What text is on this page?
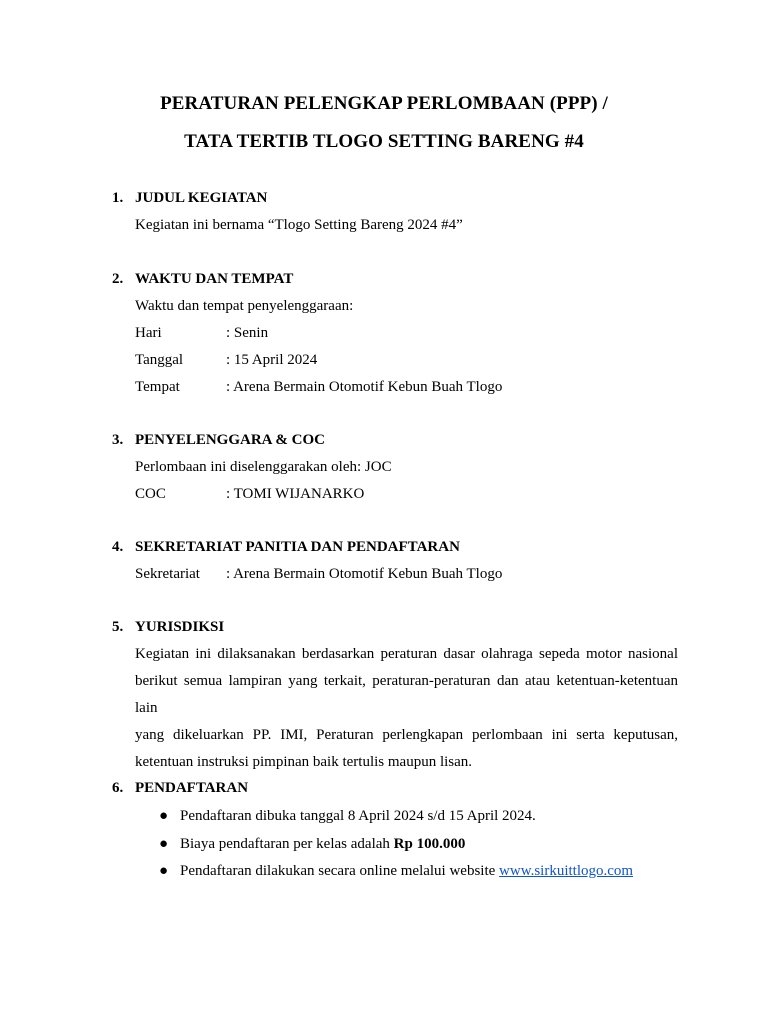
PERATURAN PELENGKAP PERLOMBAAN (PPP) /
TATA TERTIB TLOGO SETTING BARENG #4
1. JUDUL KEGIATAN
Kegiatan ini bernama “Tlogo Setting Bareng 2024 #4”
2. WAKTU DAN TEMPAT
Waktu dan tempat penyelenggaraan:
Hari	: Senin
Tanggal	: 15 April 2024
Tempat	: Arena Bermain Otomotif Kebun Buah Tlogo
3. PENYELENGGARA & COC
Perlombaan ini diselenggarakan oleh: JOC
COC	: TOMI WIJANARKO
4. SEKRETARIAT PANITIA DAN PENDAFTARAN
Sekretariat : Arena Bermain Otomotif Kebun Buah Tlogo
5. YURISDIKSI
Kegiatan ini dilaksanakan berdasarkan peraturan dasar olahraga sepeda motor nasional
berikut semua lampiran yang terkait, peraturan-peraturan dan atau ketentuan-ketentuan lain
yang dikeluarkan PP. IMI, Peraturan perlengkapan perlombaan ini serta keputusan,
ketentuan instruksi pimpinan baik tertulis maupun lisan.
6. PENDAFTARAN
● Pendaftaran dibuka tanggal 8 April 2024 s/d 15 April 2024.
● Biaya pendaftaran per kelas adalah Rp 100.000
● Pendaftaran dilakukan secara online melalui website www.sirkuittlogo.com
